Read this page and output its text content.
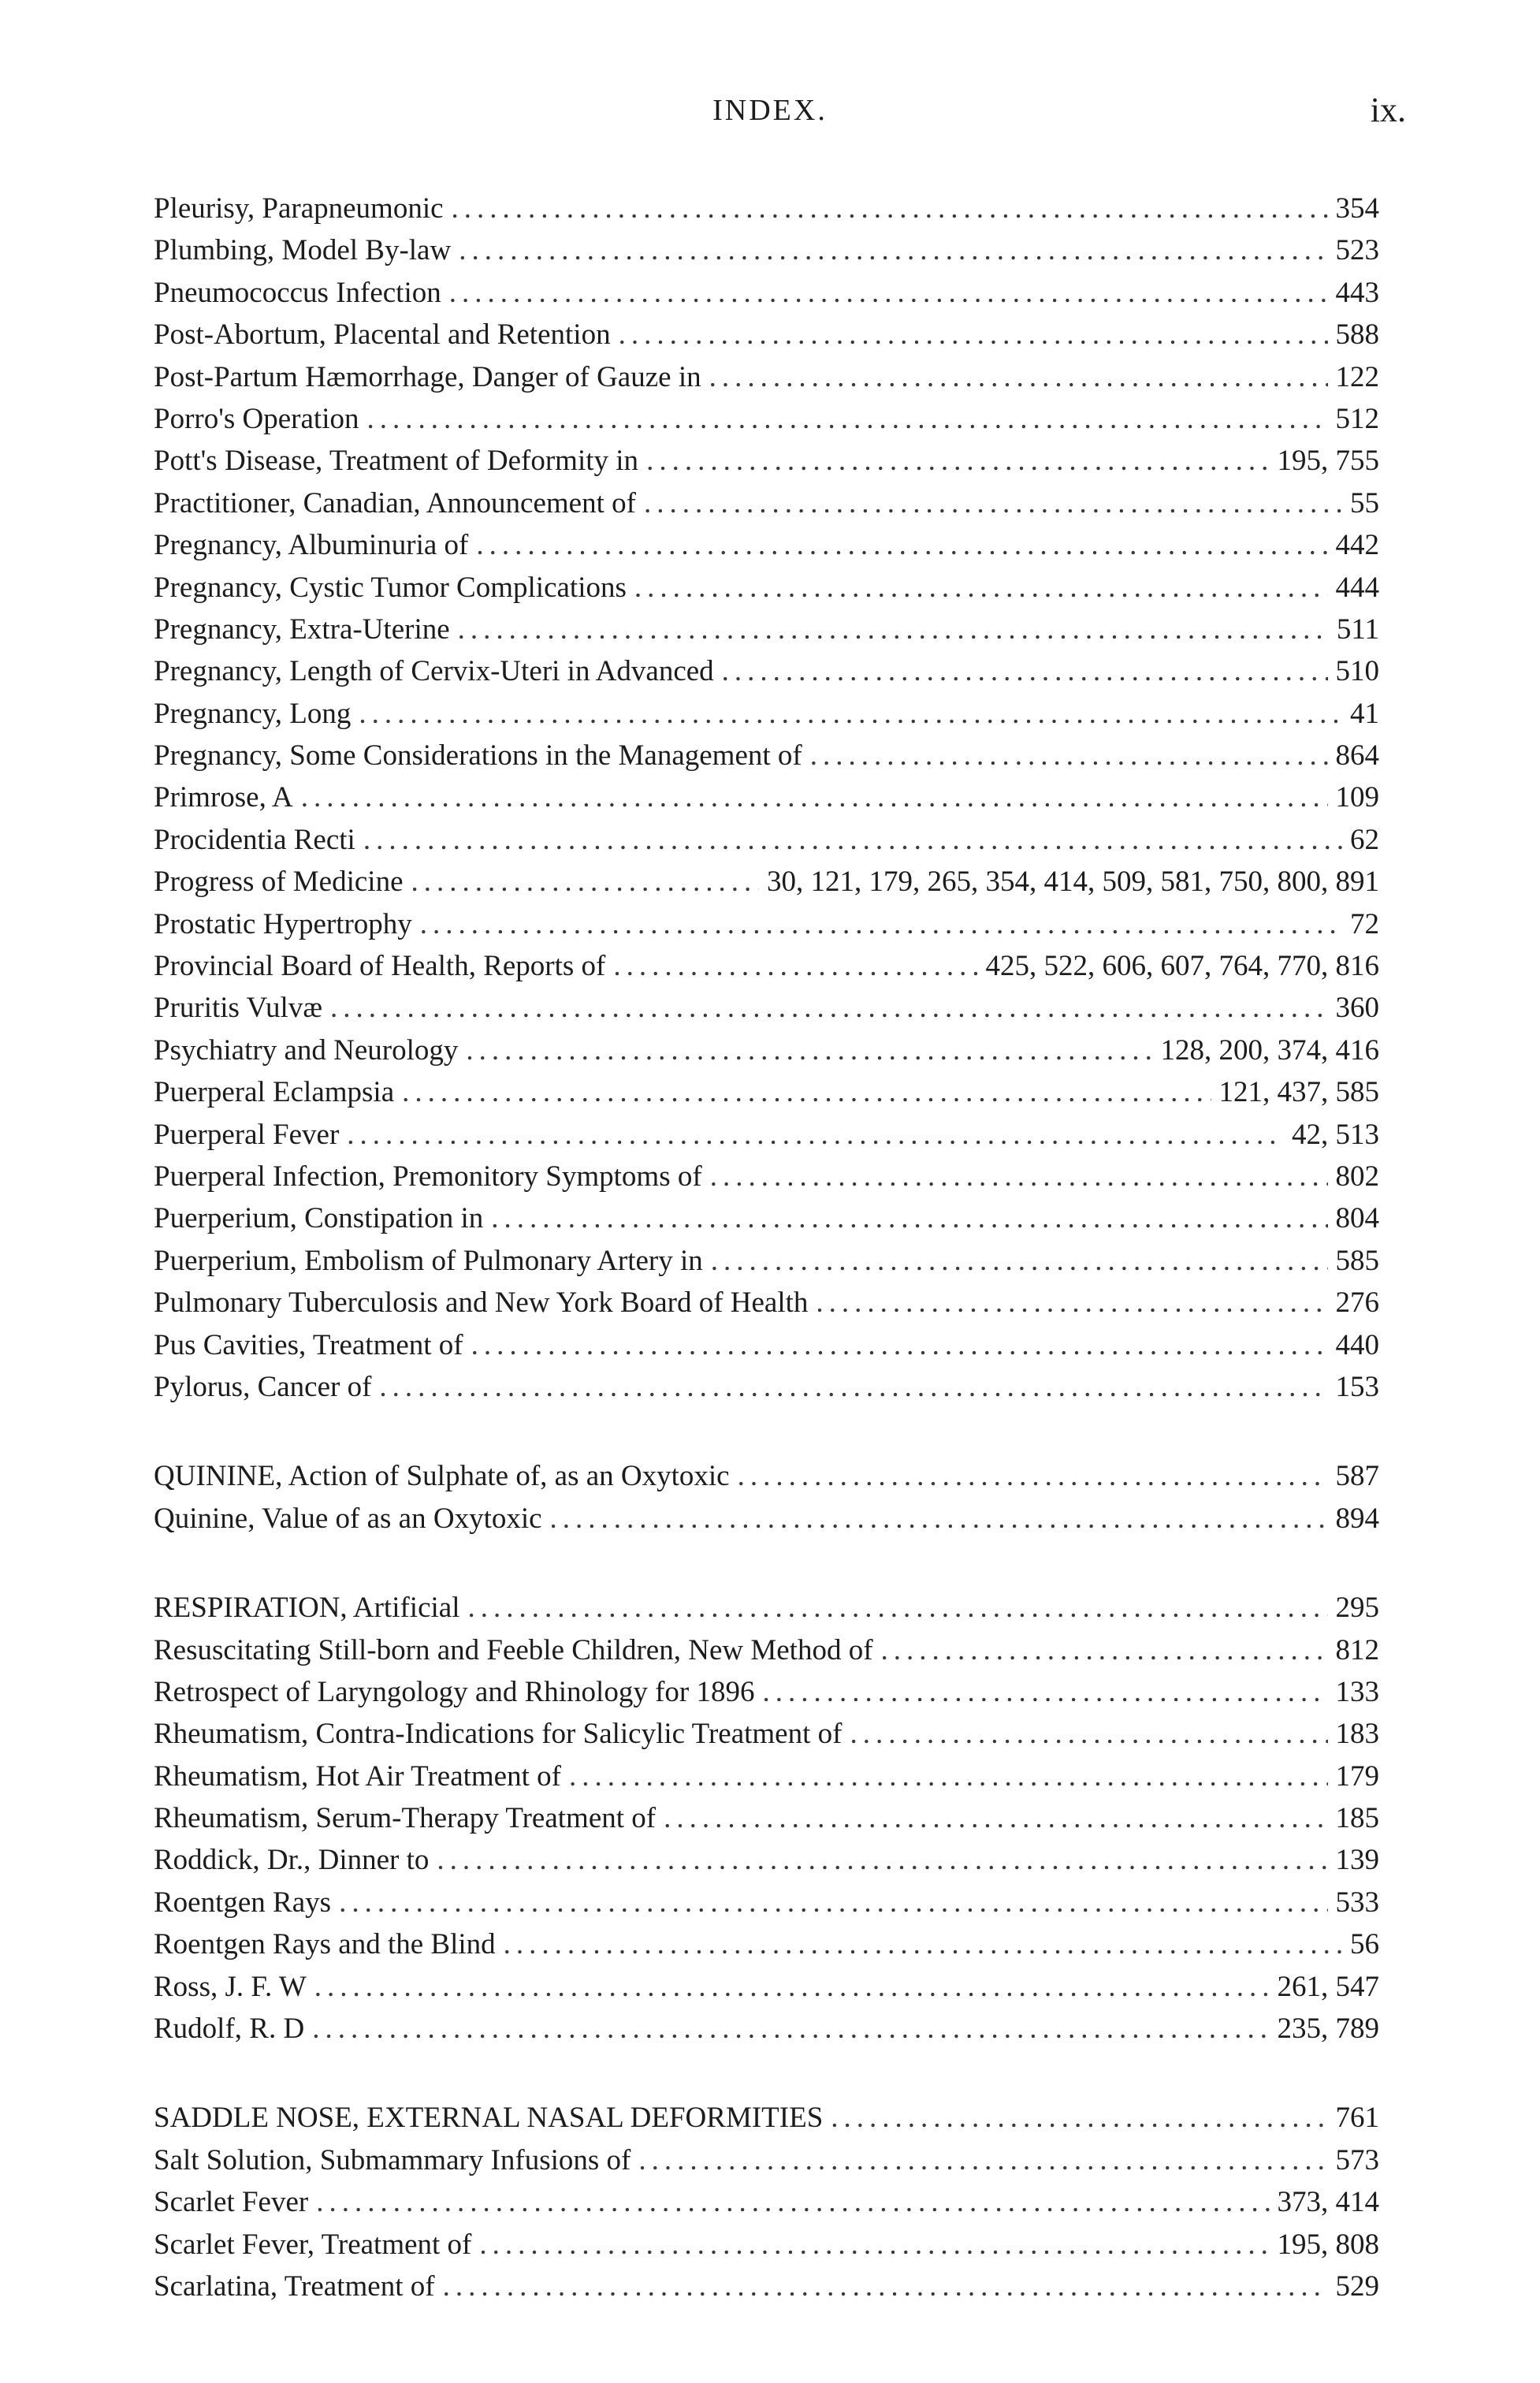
INDEX.	ix.
Pleurisy, Parapneumonic .....	354
Plumbing, Model By-law .....	523
Pneumococcus Infection .....	443
Post-Abortum, Placental and Retention .....	588
Post-Partum Hæmorrhage, Danger of Gauze in .....	122
Porro's Operation .....	512
Pott's Disease, Treatment of Deformity in .....	195, 755
Practitioner, Canadian, Announcement of .....	55
Pregnancy, Albuminuria of .....	442
Pregnancy, Cystic Tumor Complications .....	444
Pregnancy, Extra-Uterine .....	511
Pregnancy, Length of Cervix-Uteri in Advanced .....	510
Pregnancy, Long .....	41
Pregnancy, Some Considerations in the Management of .....	864
Primrose, A .....	109
Procidentia Recti .....	62
Progress of Medicine .....	30, 121, 179, 265, 354, 414, 509, 581, 750, 800, 891
Prostatic Hypertrophy .....	72
Provincial Board of Health, Reports of .....	425, 522, 606, 607, 764, 770, 816
Pruritis Vulvæ .....	360
Psychiatry and Neurology .....	128, 200, 374, 416
Puerperal Eclampsia .....	121, 437, 585
Puerperal Fever .....	42, 513
Puerperal Infection, Premonitory Symptoms of .....	802
Puerperium, Constipation in .....	804
Puerperium, Embolism of Pulmonary Artery in .....	585
Pulmonary Tuberculosis and New York Board of Health .....	276
Pus Cavities, Treatment of .....	440
Pylorus, Cancer of .....	153
QUININE, Action of Sulphate of, as an Oxytoxic .....	587
Quinine, Value of as an Oxytoxic .....	894
RESPIRATION, Artificial .....	295
Resuscitating Still-born and Feeble Children, New Method of .....	812
Retrospect of Laryngology and Rhinology for 1896 .....	133
Rheumatism, Contra-Indications for Salicylic Treatment of .....	183
Rheumatism, Hot Air Treatment of .....	179
Rheumatism, Serum-Therapy Treatment of .....	185
Roddick, Dr., Dinner to .....	139
Roentgen Rays .....	533
Roentgen Rays and the Blind .....	56
Ross, J. F. W .....	261, 547
Rudolf, R. D .....	235, 789
SADDLE NOSE, EXTERNAL NASAL DEFORMITIES .....	761
Salt Solution, Submammary Infusions of .....	573
Scarlet Fever .....	373, 414
Scarlet Fever, Treatment of .....	195, 808
Scarlatina, Treatment of .....	529
